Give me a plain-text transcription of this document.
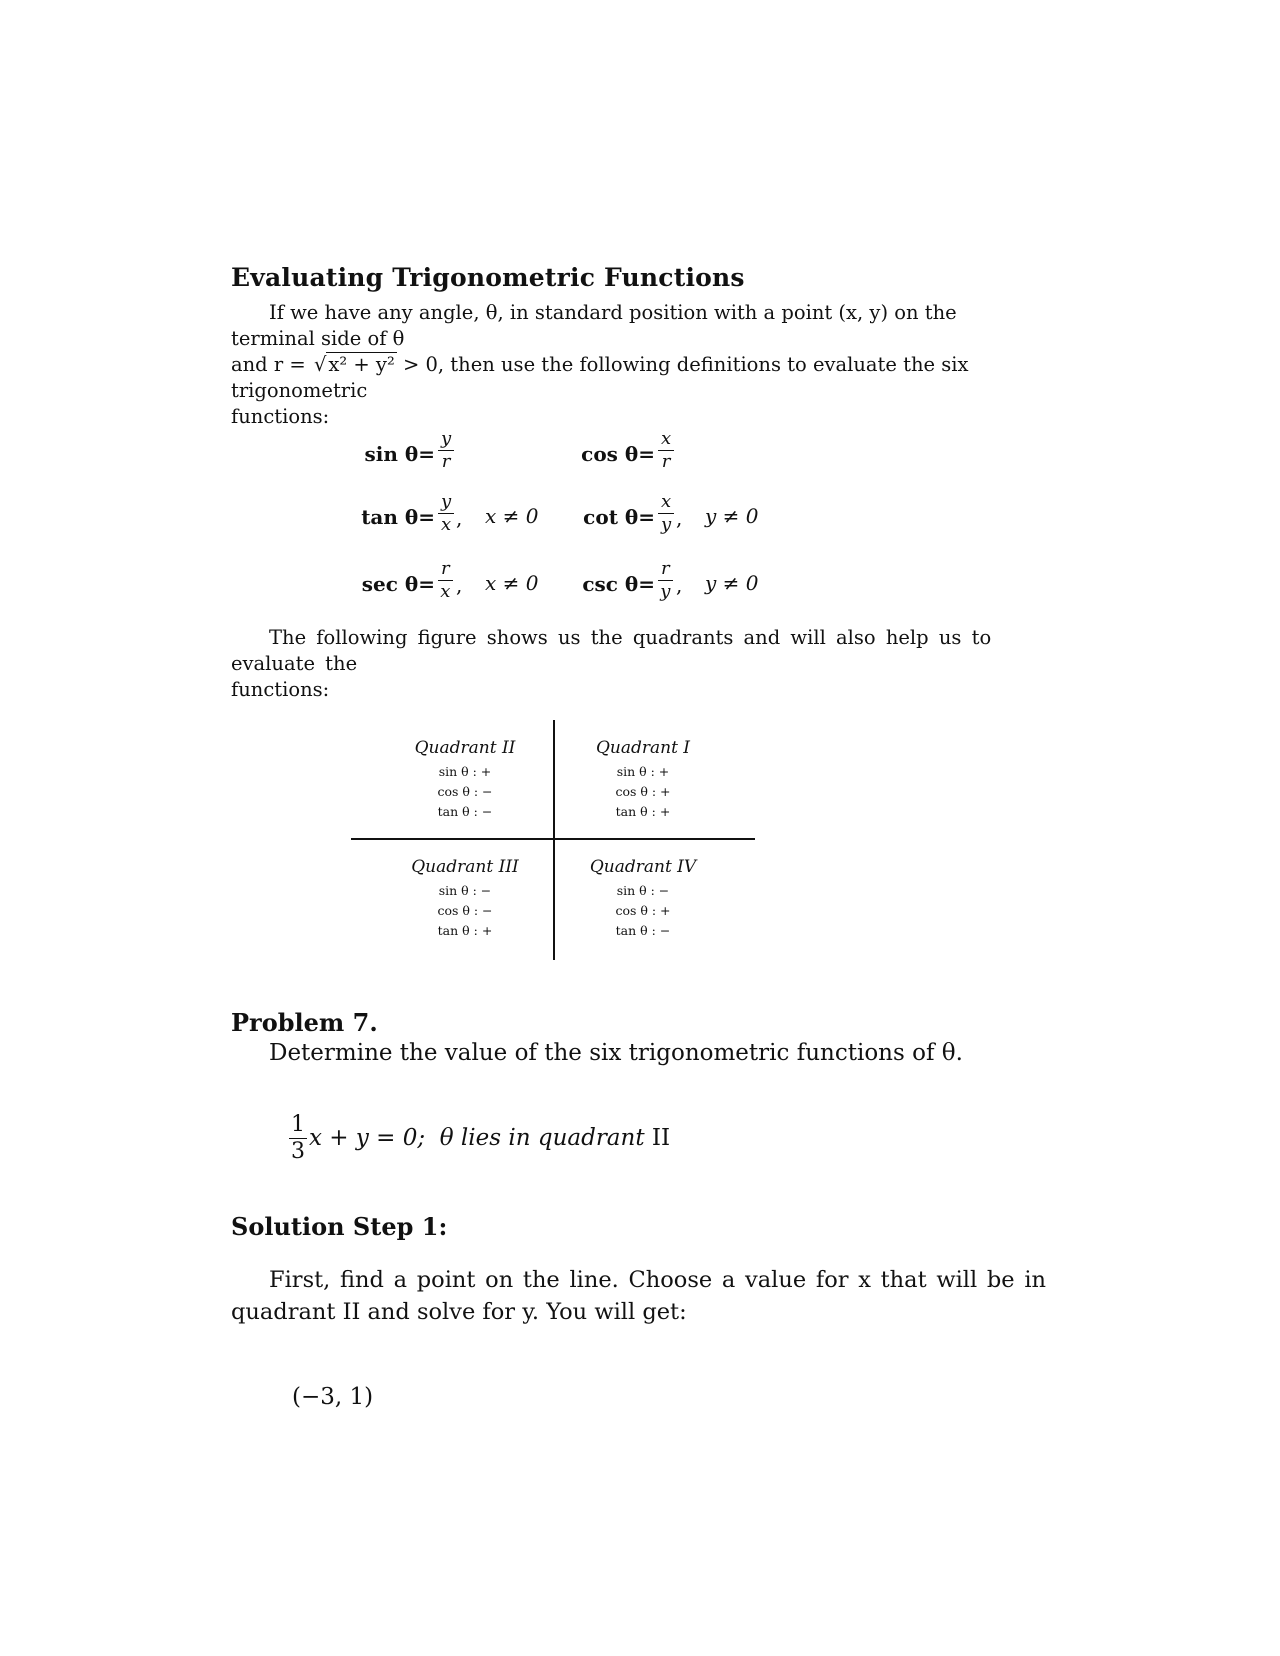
Evaluating Trigonometric Functions
If we have any angle, θ, in standard position with a point (x, y) on the terminal side of θ
and r = √ x² + y² > 0, then use the following definitions to evaluate the six trigonometric
functions:
$\sin \theta= \frac{y}{r}$	$\cos \theta= \frac{x}{r}$
$\tan \theta= \frac{y}{x}$ , x ≠ 0 $\cot \theta= \frac{x}{y}$ , y ≠ 0
$\sec \theta= \frac{r}{x}$ , x ≠ 0 $\csc \theta= \frac{r}{y}$ , y ≠ 0
The following figure shows us the quadrants and will also help us to evaluate the
functions:
Quadrant II
sin θ : +
cos θ : −
tan θ : −
Quadrant I
sin θ : +
cos θ : +
tan θ : +
Quadrant III
sin θ : −
cos θ : −
tan θ : +
Quadrant IV
sin θ : −
cos θ : +
tan θ : −
Problem 7.
Determine the value of the six trigonometric functions of θ.
$\frac{1}{3}$ x + y = 0; θ lies in quadrant II
Solution Step 1:
First, find a point on the line. Choose a value for x that will be in quadrant II and solve for y. You will get:
(−3, 1)
